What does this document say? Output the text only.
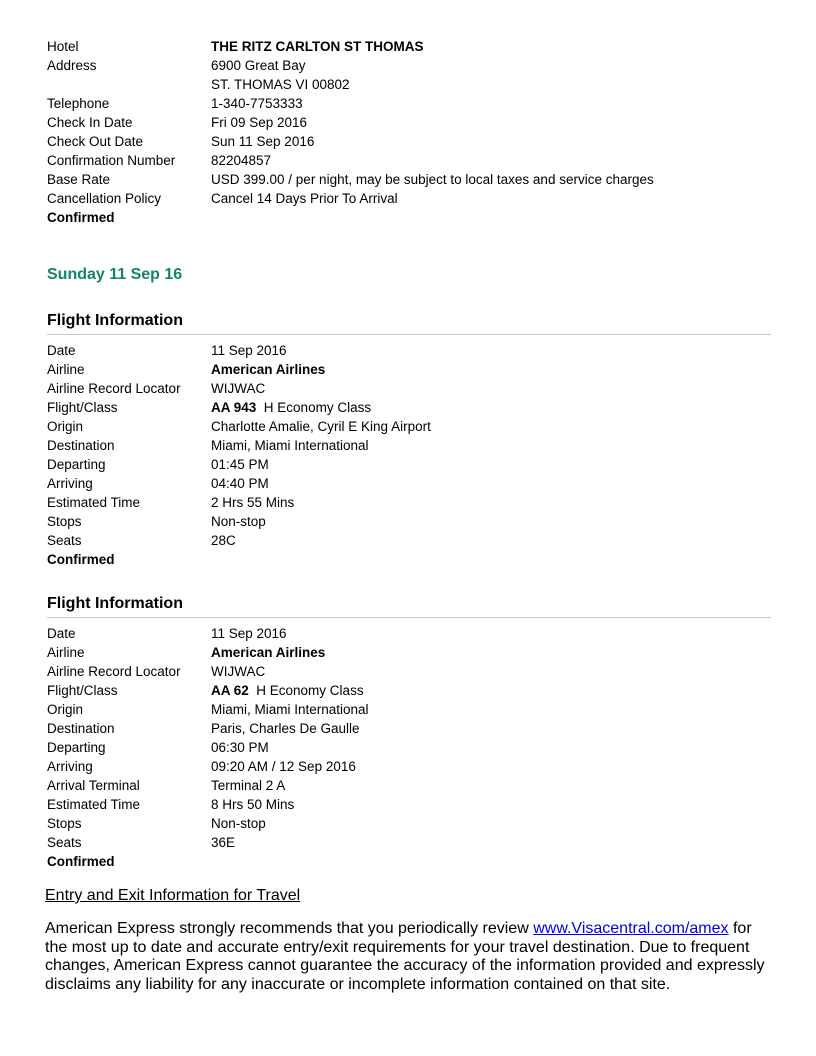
Hotel	THE RITZ CARLTON ST THOMAS
Address	6900 Great Bay
ST. THOMAS VI 00802
Telephone	1-340-7753333
Check In Date	Fri 09 Sep 2016
Check Out Date	Sun 11 Sep 2016
Confirmation Number	82204857
Base Rate	USD 399.00 / per night, may be subject to local taxes and service charges
Cancellation Policy	Cancel 14 Days Prior To Arrival
Confirmed
Sunday 11 Sep 16
Flight Information
Date	11 Sep 2016
Airline	American Airlines
Airline Record Locator WIJWAC
Flight/Class	AA 943 H Economy Class
Origin	Charlotte Amalie, Cyril E King Airport
Destination	Miami, Miami International
Departing	01:45 PM
Arriving	04:40 PM
Estimated Time	2 Hrs 55 Mins
Stops	Non-stop
Seats	28C
Confirmed
Flight Information
Date	11 Sep 2016
Airline	American Airlines
Airline Record Locator WIJWAC
Flight/Class	AA 62 H Economy Class
Origin	Miami, Miami International
Destination	Paris, Charles De Gaulle
Departing	06:30 PM
Arriving	09:20 AM / 12 Sep 2016
Arrival Terminal	Terminal 2 A
Estimated Time	8 Hrs 50 Mins
Stops	Non-stop
Seats	36E
Confirmed
Entry and Exit Information for Travel
American Express strongly recommends that you periodically review www.Visacentral.com/amex for the most up to date and accurate entry/exit requirements for your travel destination. Due to frequent changes, American Express cannot guarantee the accuracy of the information provided and expressly disclaims any liability for any inaccurate or incomplete information contained on that site.
